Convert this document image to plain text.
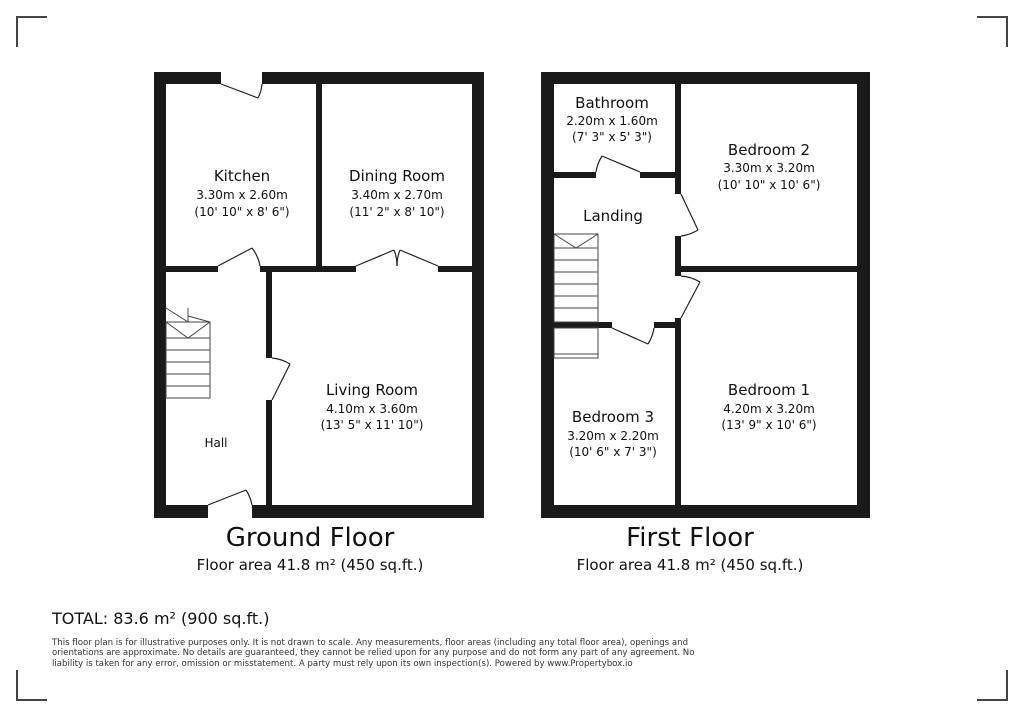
Kitchen
3.30m x 2.60m
(10' 10" x 8' 6")
Dining Room
3.40m x 2.70m
(11' 2" x 8' 10")
Living Room
4.10m x 3.60m
(13' 5" x 11' 10")
Hall
Ground Floor
Floor area 41.8 m² (450 sq.ft.)
Bathroom
2.20m x 1.60m
(7' 3" x 5' 3")
Bedroom 2
3.30m x 3.20m
(10' 10" x 10' 6")
Landing
Bedroom 1
4.20m x 3.20m
(13' 9" x 10' 6")
Bedroom 3
3.20m x 2.20m
(10' 6" x 7' 3")
First Floor
Floor area 41.8 m² (450 sq.ft.)
TOTAL: 83.6 m² (900 sq.ft.)
This floor plan is for illustrative purposes only. It is not drawn to scale. Any measurements, floor areas (including any total floor area), openings and orientations are approximate. No details are guaranteed, they cannot be relied upon for any purpose and do not form any part of any agreement. No liability is taken for any error, omission or misstatement. A party must rely upon its own inspection(s). Powered by www.Propertybox.io
